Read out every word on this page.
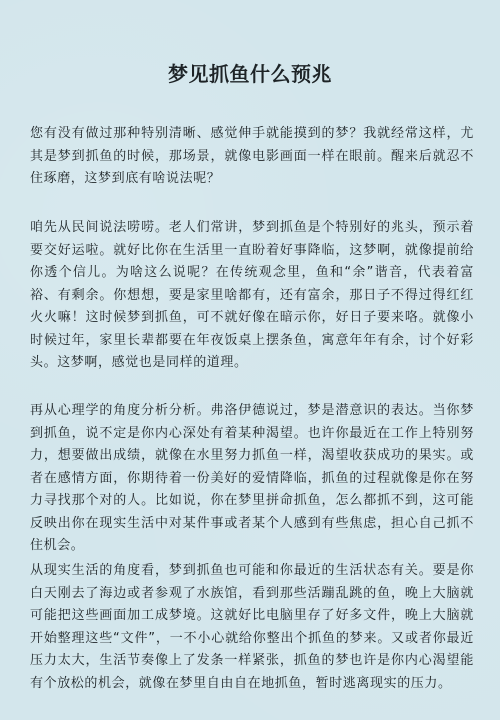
梦见抓鱼什么预兆

您有没有做过那种特别清晰、感觉伸手就能摸到的梦？我就经常这样，尤其是梦到抓鱼的时候，那场景，就像电影画面一样在眼前。醒来后就忍不住琢磨，这梦到底有啥说法呢？

咱先从民间说法唠唠。老人们常讲，梦到抓鱼是个特别好的兆头，预示着要交好运啦。就好比你在生活里一直盼着好事降临，这梦啊，就像提前给你透个信儿。为啥这么说呢？在传统观念里，鱼和“余”谐音，代表着富裕、有剩余。你想想，要是家里啥都有，还有富余，那日子不得过得红红火火嘛！这时候梦到抓鱼，可不就好像在暗示你，好日子要来咯。就像小时候过年，家里长辈都要在年夜饭桌上摆条鱼，寓意年年有余，讨个好彩头。这梦啊，感觉也是同样的道理。

再从心理学的角度分析分析。弗洛伊德说过，梦是潜意识的表达。当你梦到抓鱼，说不定是你内心深处有着某种渴望。也许你最近在工作上特别努力，想要做出成绩，就像在水里努力抓鱼一样，渴望收获成功的果实。或者在感情方面，你期待着一份美好的爱情降临，抓鱼的过程就像是你在努力寻找那个对的人。比如说，你在梦里拼命抓鱼，怎么都抓不到，这可能反映出你在现实生活中对某件事或者某个人感到有些焦虑，担心自己抓不住机会。

从现实生活的角度看，梦到抓鱼也可能和你最近的生活状态有关。要是你白天刚去了海边或者参观了水族馆，看到那些活蹦乱跳的鱼，晚上大脑就可能把这些画面加工成梦境。这就好比电脑里存了好多文件，晚上大脑就开始整理这些“文件”，一不小心就给你整出个抓鱼的梦来。又或者你最近压力太大，生活节奏像上了发条一样紧张，抓鱼的梦也许是你内心渴望能有个放松的机会，就像在梦里自由自在地抓鱼，暂时逃离现实的压力。
